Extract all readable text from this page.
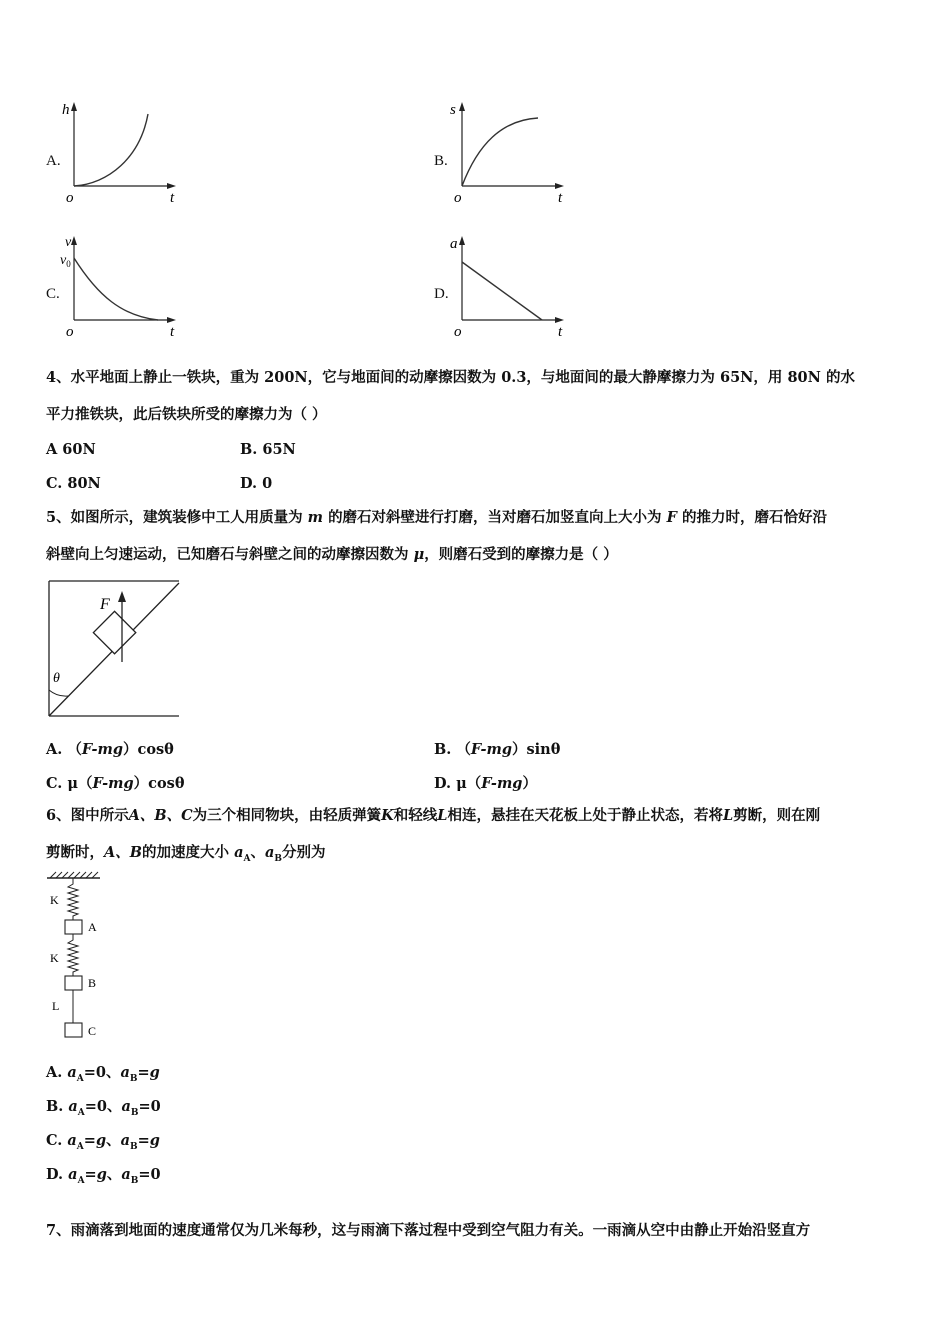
A.
h
t
o
B.
s
t
o
C.
v
$v_0$
t
o
D.
a
t
o
4、水平地面上静止一铁块，重为 200N，它与地面间的动摩擦因数为 0.3，与地面间的最大静摩擦力为 65N，用 80N 的水
平力推铁块，此后铁块所受的摩擦力为（ ）
A 60N	B. 65N
C. 80N	D. 0
5、如图所示，建筑装修中工人用质量为 m 的磨石对斜壁进行打磨，当对磨石加竖直向上大小为 F 的推力时，磨石恰好沿
斜壁向上匀速运动，已知磨石与斜壁之间的动摩擦因数为 μ，则磨石受到的摩擦力是（ ）
F
θ
A. （F-mg）cosθ	B. （F-mg）sinθ
C. μ（F-mg）cosθ	D. μ（F-mg）
6、图中所示A、B、C为三个相同物块，由轻质弹簧K和轻线L相连，悬挂在天花板上处于静止状态，若将L剪断，则在刚
剪断时，A、B的加速度大小 $a_A$、$a_B$分别为
K
A
K
B
L
C
A. $a_A=0$、$a_B=g$
B. $a_A=0$、$a_B=0$
C. $a_A=g$、$a_B=g$
D. $a_A=g$、$a_B=0$
7、雨滴落到地面的速度通常仅为几米每秒，这与雨滴下落过程中受到空气阻力有关。一雨滴从空中由静止开始沿竖直方
